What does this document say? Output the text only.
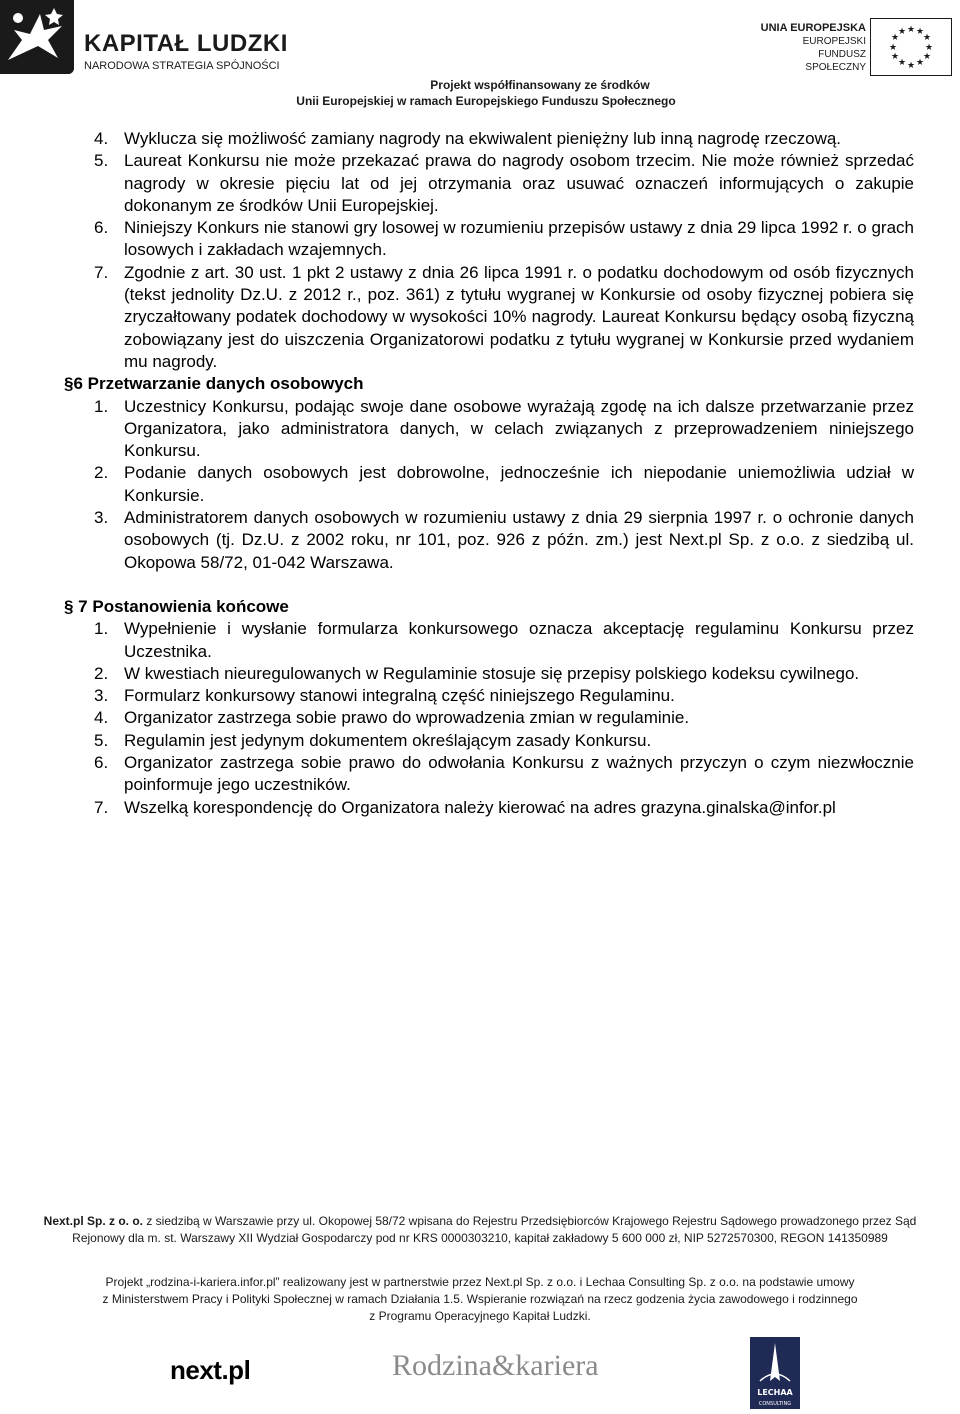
KAPITAŁ LUDZKI
NARODOWA STRATEGIA SPÓJNOŚCI
UNIA EUROPEJSKA
EUROPEJSKI
FUNDUSZ SPOŁECZNY
★ ★
★
★
★
★
★
★
★
★
★
★
Projekt współfinansowany ze środków
Unii Europejskiej w ramach Europejskiego Funduszu Społecznego
4. Wyklucza się możliwość zamiany nagrody na ekwiwalent pieniężny lub inną nagrodę rzeczową.
5. Laureat Konkursu nie może przekazać prawa do nagrody osobom trzecim. Nie może również sprzedać nagrody w okresie pięciu lat od jej otrzymania oraz usuwać oznaczeń informujących o zakupie dokonanym ze środków Unii Europejskiej.
6. Niniejszy Konkurs nie stanowi gry losowej w rozumieniu przepisów ustawy z dnia 29 lipca 1992 r. o grach losowych i zakładach wzajemnych.
7. Zgodnie z art. 30 ust. 1 pkt 2 ustawy z dnia 26 lipca 1991 r. o podatku dochodowym od osób fizycznych (tekst jednolity Dz.U. z 2012 r., poz. 361) z tytułu wygranej w Konkursie od osoby fizycznej pobiera się zryczałtowany podatek dochodowy w wysokości 10% nagrody. Laureat Konkursu będący osobą fizyczną zobowiązany jest do uiszczenia Organizatorowi podatku z tytułu wygranej w Konkursie przed wydaniem mu nagrody.
§6 Przetwarzanie danych osobowych
1. Uczestnicy Konkursu, podając swoje dane osobowe wyrażają zgodę na ich dalsze przetwarzanie przez Organizatora, jako administratora danych, w celach związanych z przeprowadzeniem niniejszego Konkursu.
2. Podanie danych osobowych jest dobrowolne, jednocześnie ich niepodanie uniemożliwia udział w Konkursie.
3. Administratorem danych osobowych w rozumieniu ustawy z dnia 29 sierpnia 1997 r. o ochronie danych osobowych (tj. Dz.U. z 2002 roku, nr 101, poz. 926 z późn. zm.) jest Next.pl Sp. z o.o. z siedzibą ul. Okopowa 58/72, 01-042 Warszawa.
§ 7 Postanowienia końcowe
1. Wypełnienie i wysłanie formularza konkursowego oznacza akceptację regulaminu Konkursu przez Uczestnika.
2. W kwestiach nieuregulowanych w Regulaminie stosuje się przepisy polskiego kodeksu cywilnego.
3. Formularz konkursowy stanowi integralną część niniejszego Regulaminu.
4. Organizator zastrzega sobie prawo do wprowadzenia zmian w regulaminie.
5. Regulamin jest jedynym dokumentem określającym zasady Konkursu.
6. Organizator zastrzega sobie prawo do odwołania Konkursu z ważnych przyczyn o czym niezwłocznie poinformuje jego uczestników.
7. Wszelką korespondencję do Organizatora należy kierować na adres grazyna.ginalska@infor.pl
Next.pl Sp. z o. o. z siedzibą w Warszawie przy ul. Okopowej 58/72 wpisana do Rejestru Przedsiębiorców Krajowego Rejestru Sądowego prowadzonego przez Sąd
Rejonowy dla m. st. Warszawy XII Wydział Gospodarczy pod nr KRS 0000303210, kapitał zakładowy 5 600 000 zł, NIP 5272570300, REGON 141350989
Projekt „rodzina-i-kariera.infor.pl” realizowany jest w partnerstwie przez Next.pl Sp. z o.o. i Lechaa Consulting Sp. z o.o. na podstawie umowy
z Ministerstwem Pracy i Polityki Społecznej w ramach Działania 1.5. Wspieranie rozwiązań na rzecz godzenia życia zawodowego i rodzinnego
z Programu Operacyjnego Kapitał Ludzki.
next.pl	Rodzina&kariera
LECHAA
CONSULTING
